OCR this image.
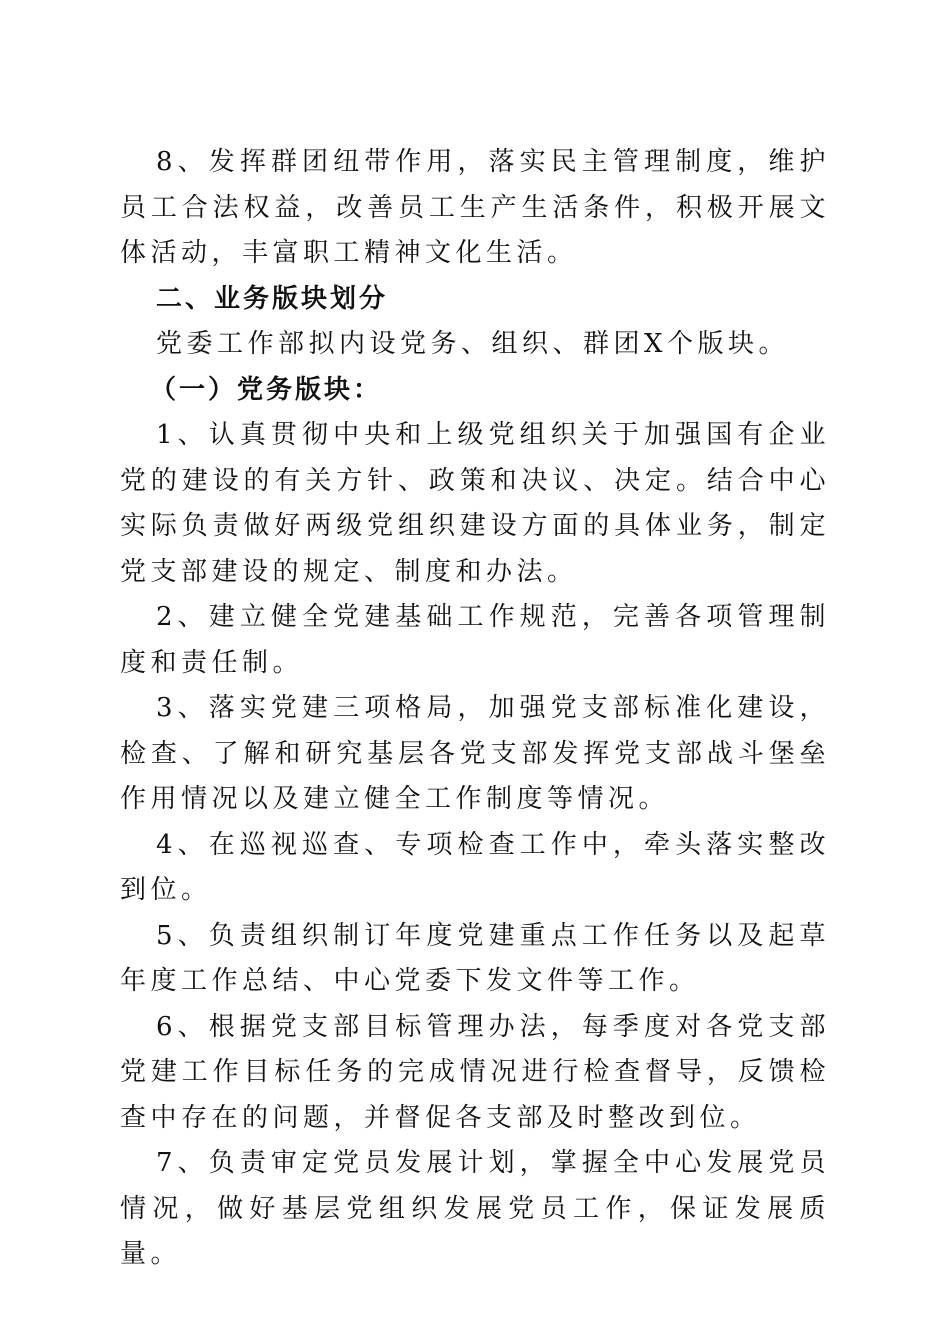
8、发挥群团纽带作用，落实民主管理制度，维护员工合法权益，改善员工生产生活条件，积极开展文体活动，丰富职工精神文化生活。

二、业务版块划分

党委工作部拟内设党务、组织、群团X个版块。

（一）党务版块：

1、认真贯彻中央和上级党组织关于加强国有企业党的建设的有关方针、政策和决议、决定。结合中心实际负责做好两级党组织建设方面的具体业务，制定党支部建设的规定、制度和办法。

2、建立健全党建基础工作规范，完善各项管理制度和责任制。

3、落实党建三项格局，加强党支部标准化建设，检查、了解和研究基层各党支部发挥党支部战斗堡垒作用情况以及建立健全工作制度等情况。

4、在巡视巡查、专项检查工作中，牵头落实整改到位。

5、负责组织制订年度党建重点工作任务以及起草年度工作总结、中心党委下发文件等工作。

6、根据党支部目标管理办法，每季度对各党支部党建工作目标任务的完成情况进行检查督导，反馈检查中存在的问题，并督促各支部及时整改到位。

7、负责审定党员发展计划，掌握全中心发展党员情况，做好基层党组织发展党员工作，保证发展质量。
